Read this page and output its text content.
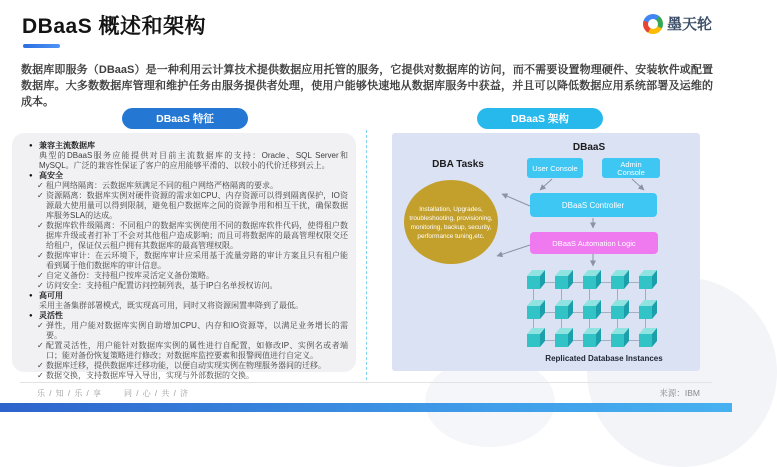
DBaaS 概述和架构	墨天轮

数据库即服务（DBaaS）是一种利用云计算技术提供数据应用托管的服务，它提供对数据库的访问，而不需要设置物理硬件、安装软件或配置数据库。大多数数据库管理和维护任务由服务提供者处理，使用户能够快速地从数据库服务中获益，并且可以降低数据应用系统部署及运维的成本。

DBaaS 特征	DBaaS 架构
● 兼容主流数据库
典型的DBaaS服务应能提供对目前主流数据库的支持：Oracle、SQL Server和MySQL。广泛的兼容性保证了客户的应用能够平滑的、以较小的代价迁移到云上。
● 高安全
✓ 租户网络隔离：云数据库须满足不同的租户网络严格隔离的要求。
✓ 资源隔离：数据库实例对硬件资源的需求如CPU、内存资源可以得到隔离保护，IO资源最大使用量可以得到限制，避免租户数据库之间的资源争用和相互干扰，确保数据库服务SLA的达成。
✓ 数据库软件级隔离：不同租户的数据库实例使用不同的数据库软件代码，使得租户数据库升级或者打补丁不会对其他租户造成影响；而且可将数据库的最高管理权限交还给租户，保证仅云租户拥有其数据库的最高管理权限。
✓ 数据库审计：在云环境下，数据库审计应采用基于流量旁路的审计方案且只有租户能看到属于他们数据库的审计信息。
✓ 自定义备份：支持租户按库灵活定义备份策略。
✓ 访问安全：支持租户配置访问控制列表，基于IP白名单授权访问。
● 高可用
采用主备集群部署模式，既实现高可用，同时又将资源闲置率降到了最低。
● 灵活性
✓ 弹性，用户能对数据库实例自助增加CPU、内存和IO资源等，以满足业务增长的需要。
✓ 配置灵活性，用户能针对数据库实例的属性进行自配置，如修改IP、实例名或者端口；能对备份恢复策略进行修改；对数据库监控要素和报警阀值进行自定义。
✓ 数据库迁移，提供数据库迁移功能，以便自动实现实例在物理服务器间的迁移。
✓ 数据交换，支持数据库导入导出，实现与外部数据的交换。
DBaaS
DBA Tasks
Installation, Upgrades,
troubleshooting, provisioning,
monitoring, backup, security,
performance tuning,etc.
User Console	Admin
Console
DBaaS Controller
DBaaS Automation Logic
Replicated Database Instances
乐 / 知 / 乐 / 享	同 / 心 / 共 / 济	来源：IBM
